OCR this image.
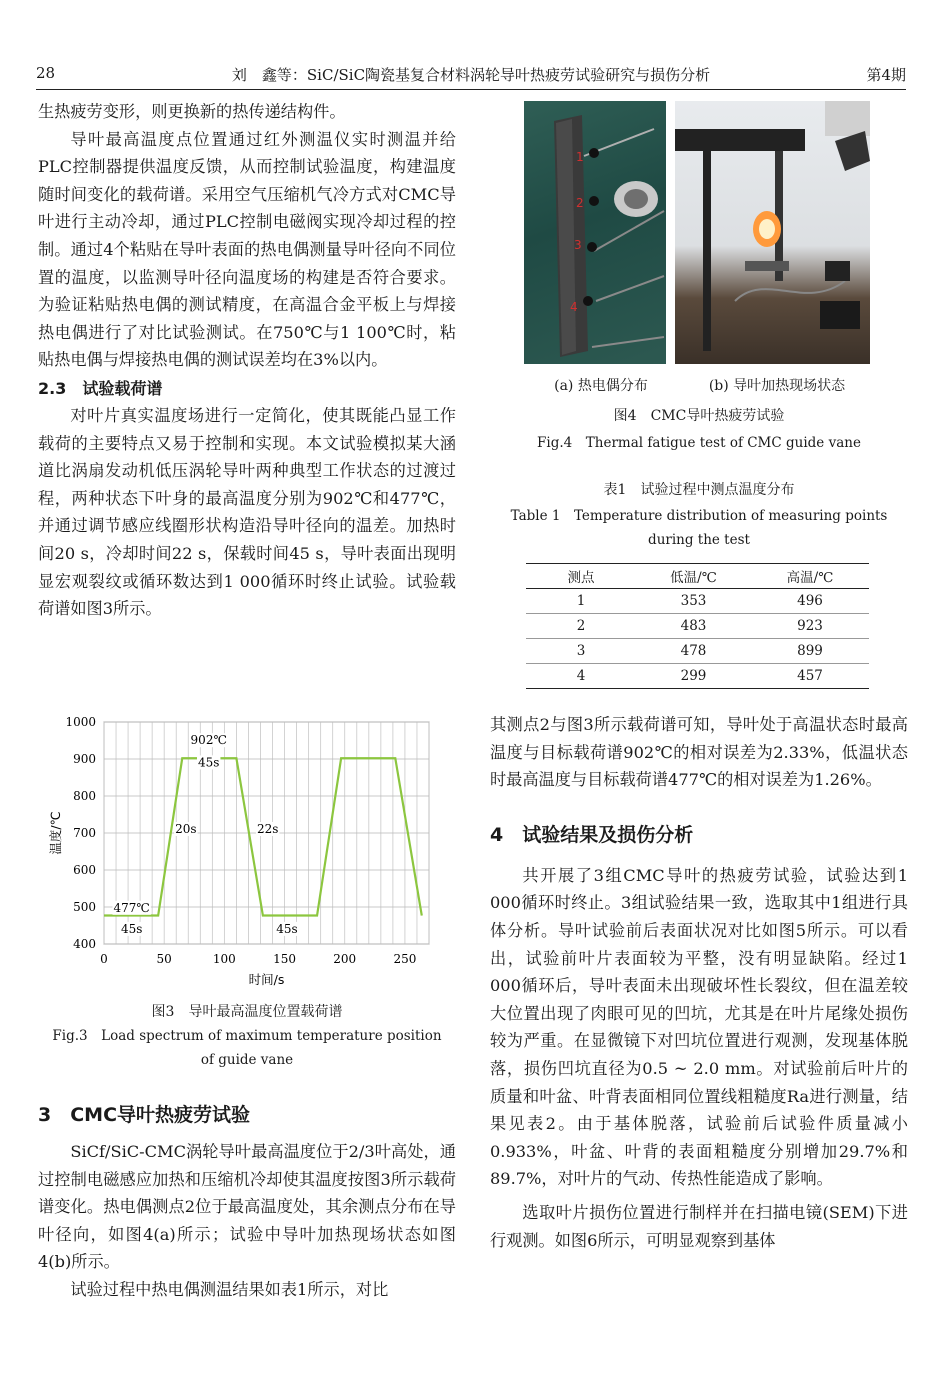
28	刘　鑫等：SiC/SiC陶瓷基复合材料涡轮导叶热疲劳试验研究与损伤分析	第4期

生热疲劳变形，则更换新的热传递结构件。

导叶最高温度点位置通过红外测温仪实时测温并给PLC控制器提供温度反馈，从而控制试验温度，构建温度随时间变化的载荷谱。采用空气压缩机气冷方式对CMC导叶进行主动冷却，通过PLC控制电磁阀实现冷却过程的控制。通过4个粘贴在导叶表面的热电偶测量导叶径向不同位置的温度，以监测导叶径向温度场的构建是否符合要求。为验证粘贴热电偶的测试精度，在高温合金平板上与焊接热电偶进行了对比试验测试。在750℃与1 100℃时，粘贴热电偶与焊接热电偶的测试误差均在3%以内。

2.3　试验载荷谱

对叶片真实温度场进行一定简化，使其既能凸显工作载荷的主要特点又易于控制和实现。本文试验模拟某大涵道比涡扇发动机低压涡轮导叶两种典型工作状态的过渡过程，两种状态下叶身的最高温度分别为902℃和477℃，并通过调节感应线圈形状构造沿导叶径向的温差。加热时间20 s，冷却时间22 s，保载时间45 s，导叶表面出现明显宏观裂纹或循环数达到1 000循环时终止试验。试验载荷谱如图3所示。

400
500
600
700
800
900
1000
0	50	100	150	200	250
时间/s
温度/℃
902℃
45s
20s	22s
477℃
45s	45s
图3　导叶最高温度位置载荷谱
Fig.3　Load spectrum of maximum temperature position
of guide vane
3　CMC导叶热疲劳试验

SiCf/SiC-CMC涡轮导叶最高温度位于2/3叶高处，通过控制电磁感应加热和压缩机冷却使其温度按图3所示载荷谱变化。热电偶测点2位于最高温度处，其余测点分布在导叶径向，如图4(a)所示；试验中导叶加热现场状态如图4(b)所示。

试验过程中热电偶测温结果如表1所示，对比

1
2
3
4
(a) 热电偶分布	(b) 导叶加热现场状态
图4　CMC导叶热疲劳试验
Fig.4　Thermal fatigue test of CMC guide vane
表1　试验过程中测点温度分布
Table 1　Temperature distribution of measuring points
during the test
测点	低温/℃	高温/℃
1	353	496
2	483	923
3	478	899
4	299	457

其测点2与图3所示载荷谱可知，导叶处于高温状态时最高温度与目标载荷谱902℃的相对误差为2.33%，低温状态时最高温度与目标载荷谱477℃的相对误差为1.26%。

4　试验结果及损伤分析

共开展了3组CMC导叶的热疲劳试验，试验达到1 000循环时终止。3组试验结果一致，选取其中1组进行具体分析。导叶试验前后表面状况对比如图5所示。可以看出，试验前叶片表面较为平整，没有明显缺陷。经过1 000循环后，导叶表面未出现破坏性长裂纹，但在温差较大位置出现了肉眼可见的凹坑，尤其是在叶片尾缘处损伤较为严重。在显微镜下对凹坑位置进行观测，发现基体脱落，损伤凹坑直径为0.5 ~ 2.0 mm。对试验前后叶片的质量和叶盆、叶背表面相同位置线粗糙度Ra进行测量，结果见表2。由于基体脱落，试验前后试验件质量减小0.933%，叶盆、叶背的表面粗糙度分别增加29.7%和89.7%，对叶片的气动、传热性能造成了影响。

选取叶片损伤位置进行制样并在扫描电镜(SEM)下进行观测。如图6所示，可明显观察到基体
